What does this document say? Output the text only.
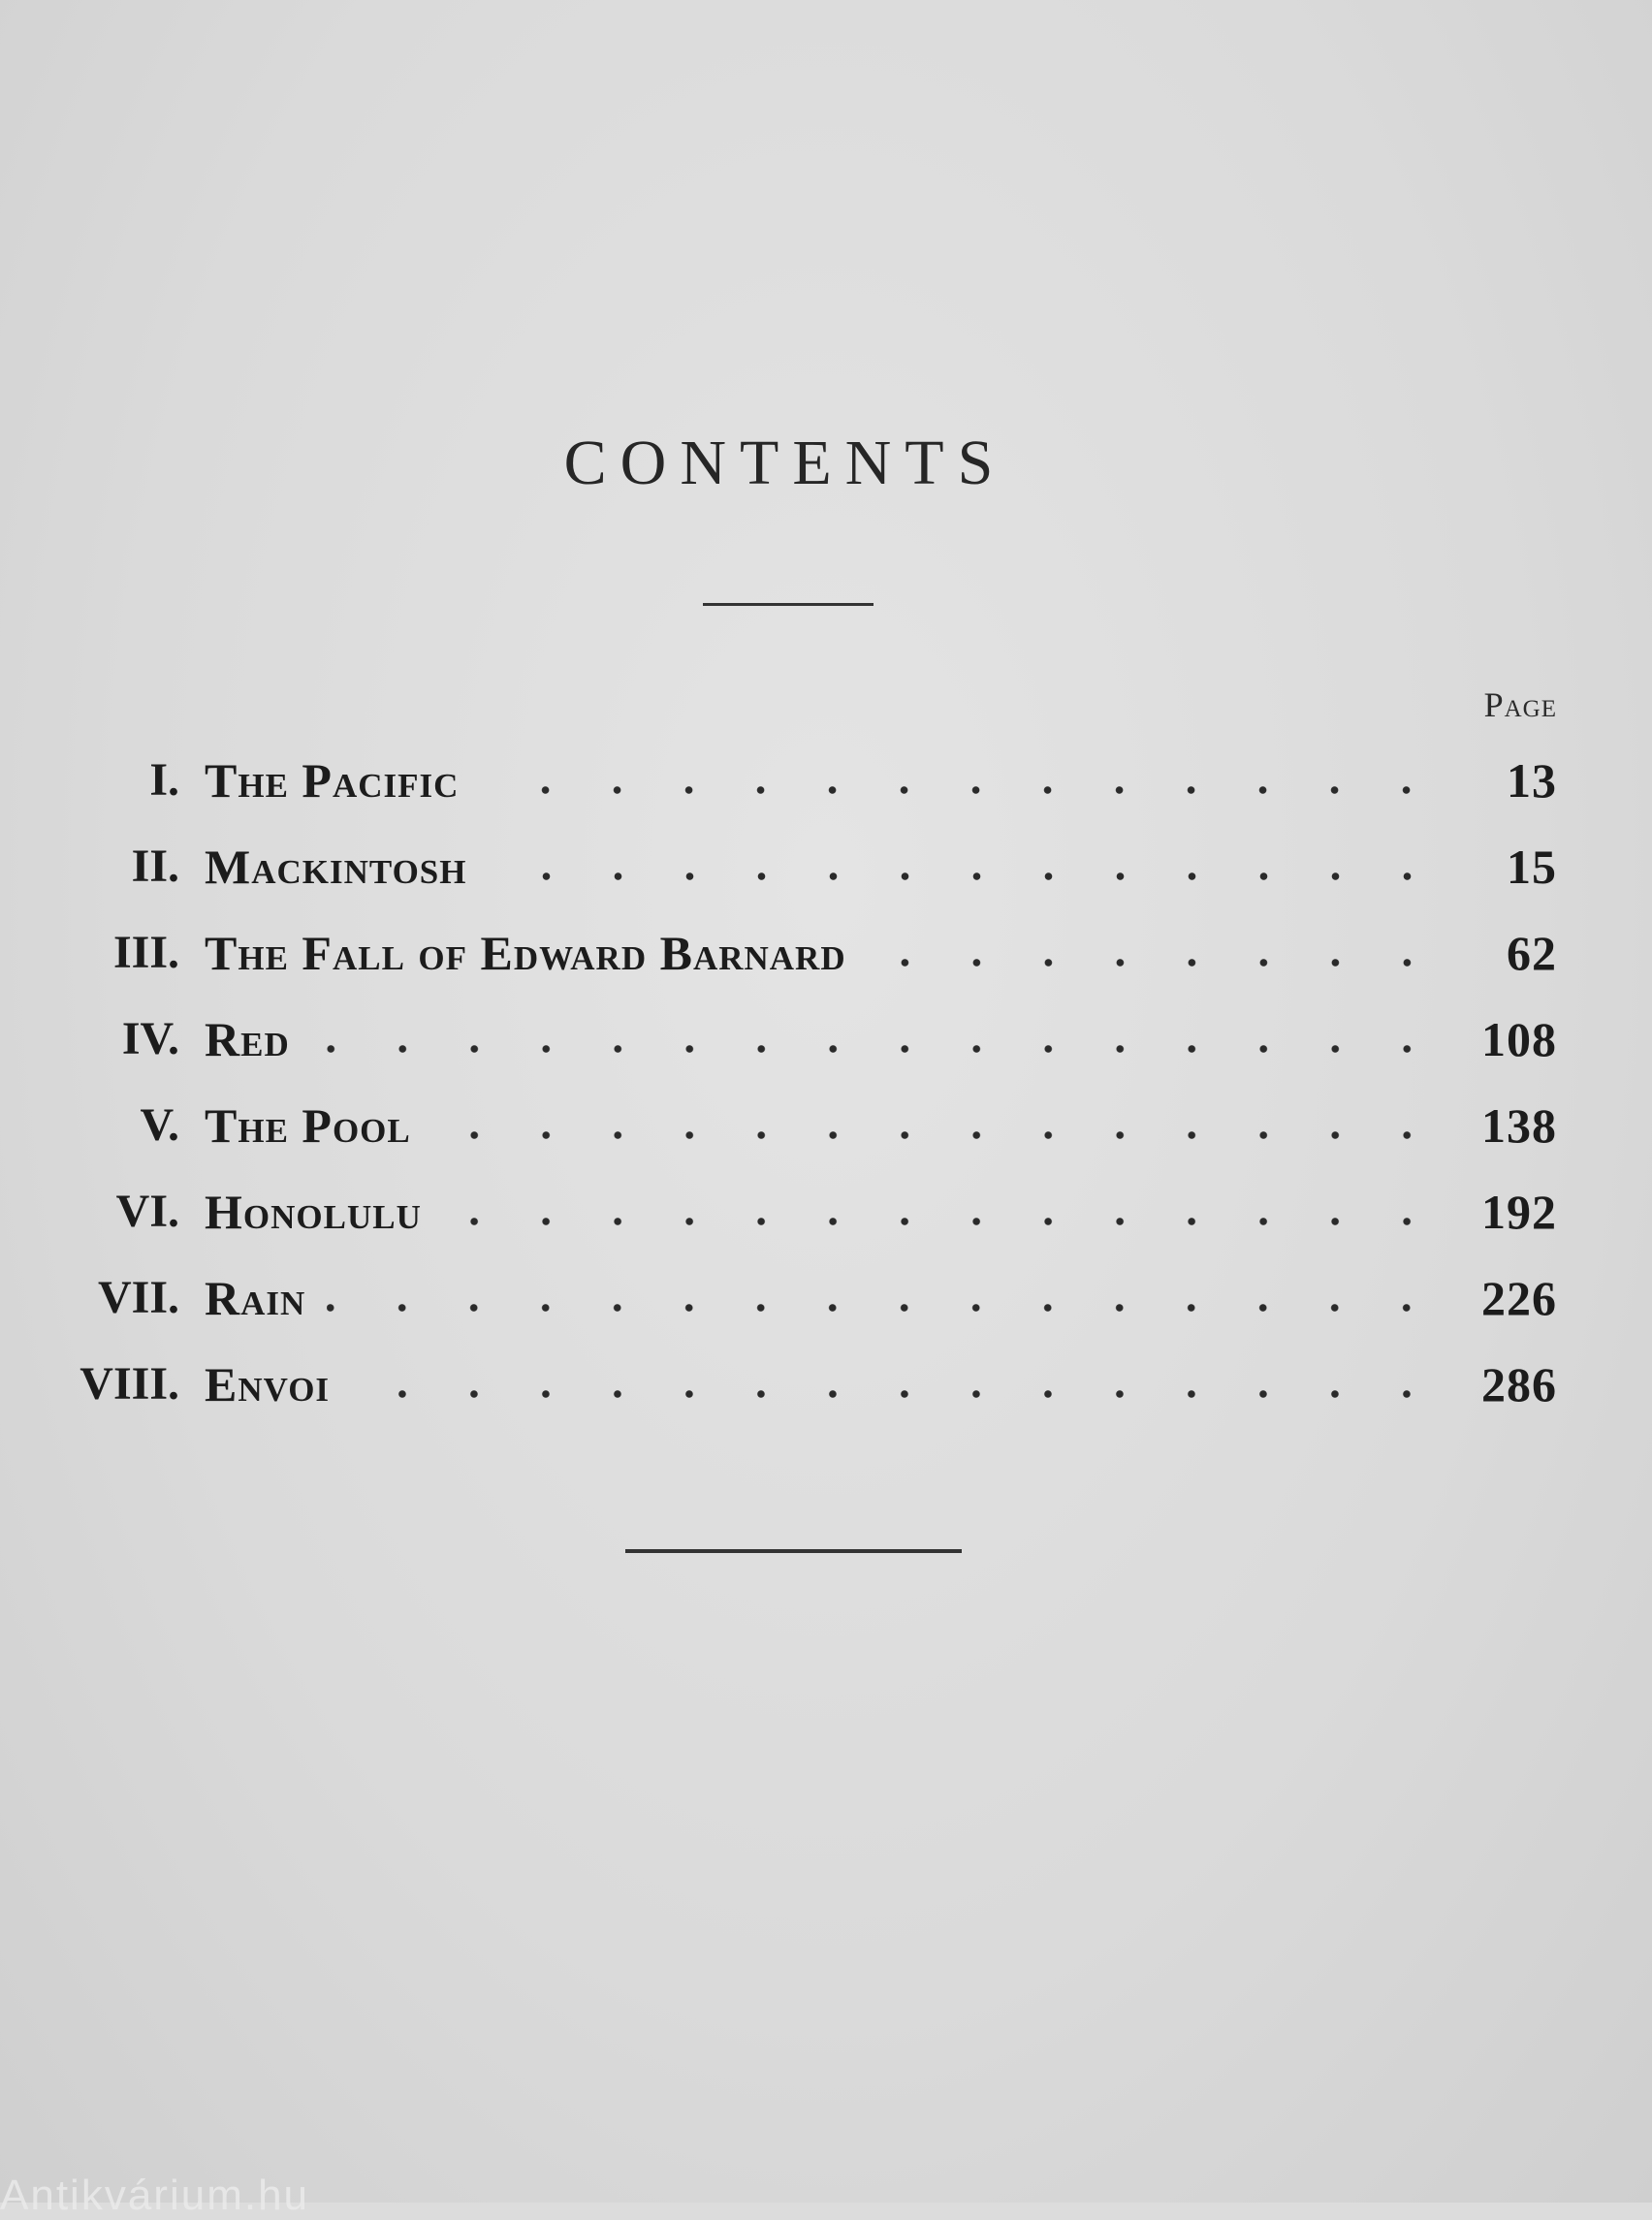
CONTENTS
Page
I. The Pacific	13
II. Mackintosh	15
III. The Fall of Edward Barnard	62
IV. Red	108
V. The Pool	138
VI. Honolulu	192
VII. Rain	226
VIII. Envoi	286
Antikvárium.hu
